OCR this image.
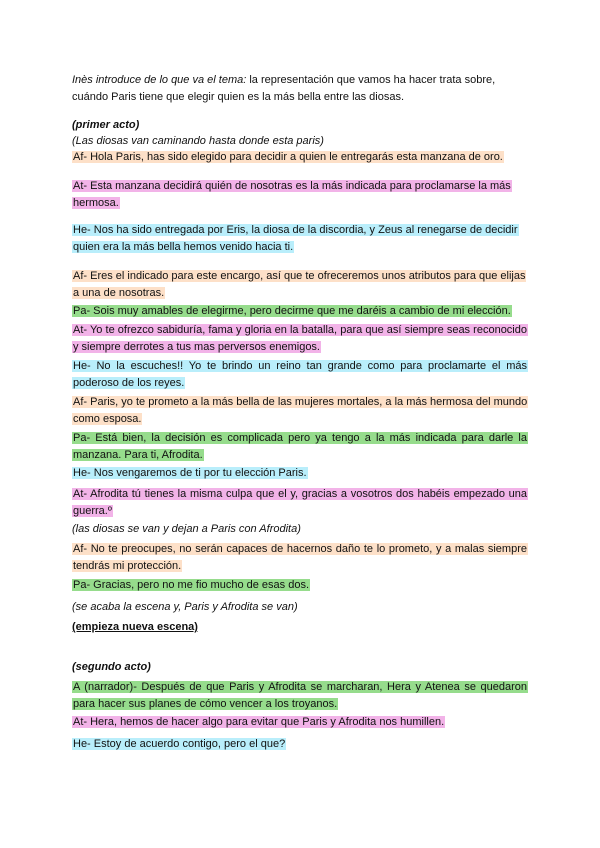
Inès introduce de lo que va el tema: la representación que vamos ha hacer trata sobre, cuándo Paris tiene que elegir quien es la más bella entre las diosas.
(primer acto)
(Las diosas van caminando hasta donde esta paris)
Af- Hola Paris, has sido elegido para decidir a quien le entregarás esta manzana de oro.
At- Esta manzana decidirá quién de nosotras es la más indicada para proclamarse la más hermosa.
He- Nos ha sido entregada por Eris, la diosa de la discordia, y Zeus al renegarse de decidir quien era la más bella hemos venido hacia ti.
Af- Eres el indicado para este encargo, así que te ofreceremos unos atributos para que elijas a una de nosotras.
Pa- Sois muy amables de elegirme, pero decirme que me daréis a cambio de mi elección.
At- Yo te ofrezco sabiduría, fama y gloria en la batalla, para que así siempre seas reconocido y siempre derrotes a tus mas perversos enemigos.
He- No la escuches!! Yo te brindo un reino tan grande como para proclamarte el más poderoso de los reyes.
Af- Paris, yo te prometo a la más bella de las mujeres mortales, a la más hermosa del mundo como esposa.
Pa- Está bien, la decisión es complicada pero ya tengo a la más indicada para darle la manzana. Para ti, Afrodita.
He- Nos vengaremos de ti por tu elección Paris.
At- Afrodita tú tienes la misma culpa que el y, gracias a vosotros dos habéis empezado una guerra.º
(las diosas se van y dejan a Paris con Afrodita)
Af- No te preocupes, no serán capaces de hacernos daño te lo prometo, y a malas siempre tendrás mi protección.
Pa- Gracias, pero no me fio mucho de esas dos.
(se acaba la escena y, Paris y Afrodita se van)
(empieza nueva escena)
(segundo acto)
A (narrador)- Después de que Paris y Afrodita se marcharan, Hera y Atenea se quedaron para hacer sus planes de cómo vencer a los troyanos.
At- Hera, hemos de hacer algo para evitar que Paris y Afrodita nos humillen.
He- Estoy de acuerdo contigo, pero el que?
